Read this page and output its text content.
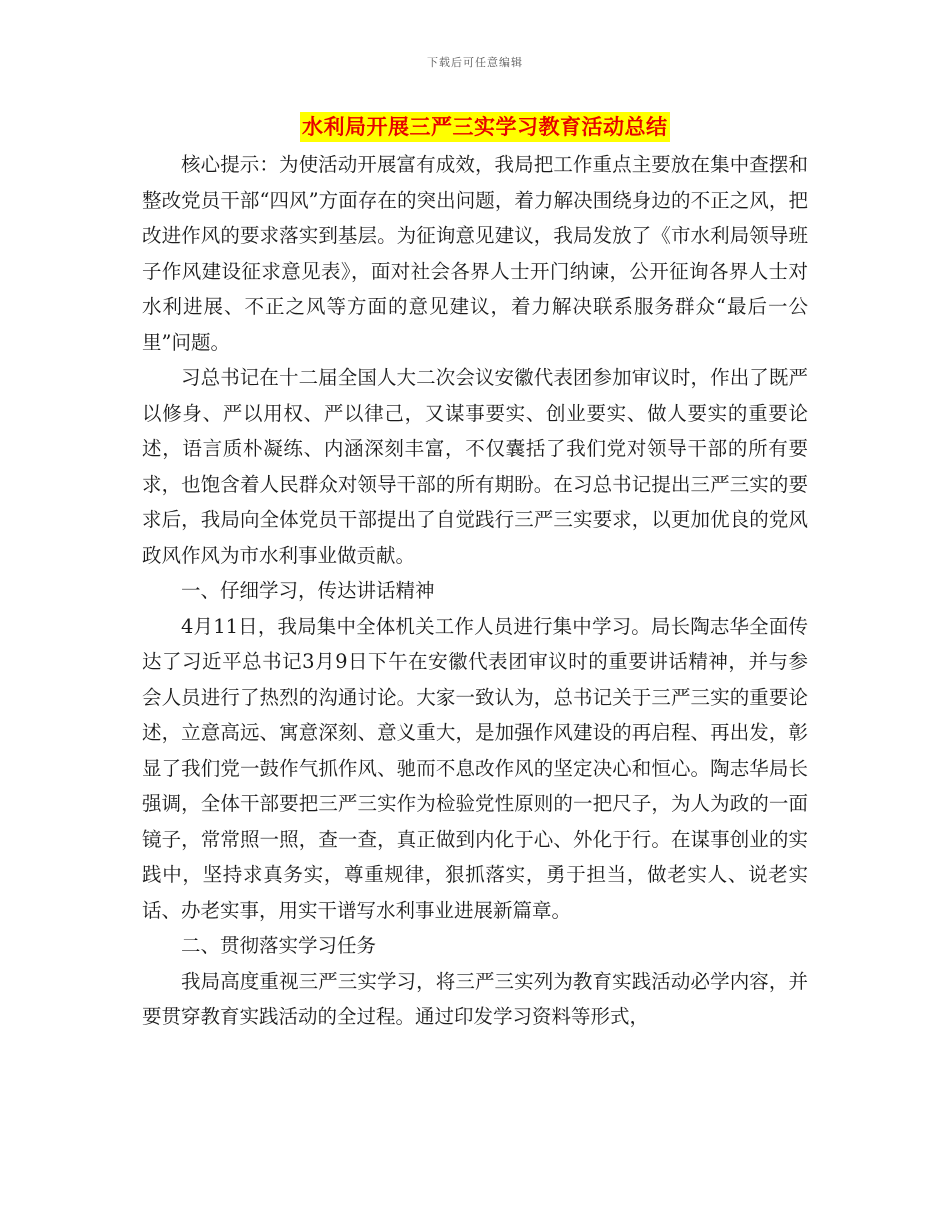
下载后可任意编辑
水利局开展三严三实学习教育活动总结

核心提示：为使活动开展富有成效，我局把工作重点主要放在集中查摆和整改党员干部“四风”方面存在的突出问题，着力解决围绕身边的不正之风，把改进作风的要求落实到基层。为征询意见建议，我局发放了《市水利局领导班子作风建设征求意见表》，面对社会各界人士开门纳谏，公开征询各界人士对水利进展、不正之风等方面的意见建议，着力解决联系服务群众“最后一公里”问题。

习总书记在十二届全国人大二次会议安徽代表团参加审议时，作出了既严以修身、严以用权、严以律己，又谋事要实、创业要实、做人要实的重要论述，语言质朴凝练、内涵深刻丰富，不仅囊括了我们党对领导干部的所有要求，也饱含着人民群众对领导干部的所有期盼。在习总书记提出三严三实的要求后，我局向全体党员干部提出了自觉践行三严三实要求，以更加优良的党风政风作风为市水利事业做贡献。

一、仔细学习，传达讲话精神

4月11日，我局集中全体机关工作人员进行集中学习。局长陶志华全面传达了习近平总书记3月9日下午在安徽代表团审议时的重要讲话精神，并与参会人员进行了热烈的沟通讨论。大家一致认为，总书记关于三严三实的重要论述，立意高远、寓意深刻、意义重大，是加强作风建设的再启程、再出发，彰显了我们党一鼓作气抓作风、驰而不息改作风的坚定决心和恒心。陶志华局长强调，全体干部要把三严三实作为检验党性原则的一把尺子，为人为政的一面镜子，常常照一照，查一查，真正做到内化于心、外化于行。在谋事创业的实践中，坚持求真务实，尊重规律，狠抓落实，勇于担当，做老实人、说老实话、办老实事，用实干谱写水利事业进展新篇章。

二、贯彻落实学习任务

我局高度重视三严三实学习，将三严三实列为教育实践活动必学内容，并要贯穿教育实践活动的全过程。通过印发学习资料等形式，
